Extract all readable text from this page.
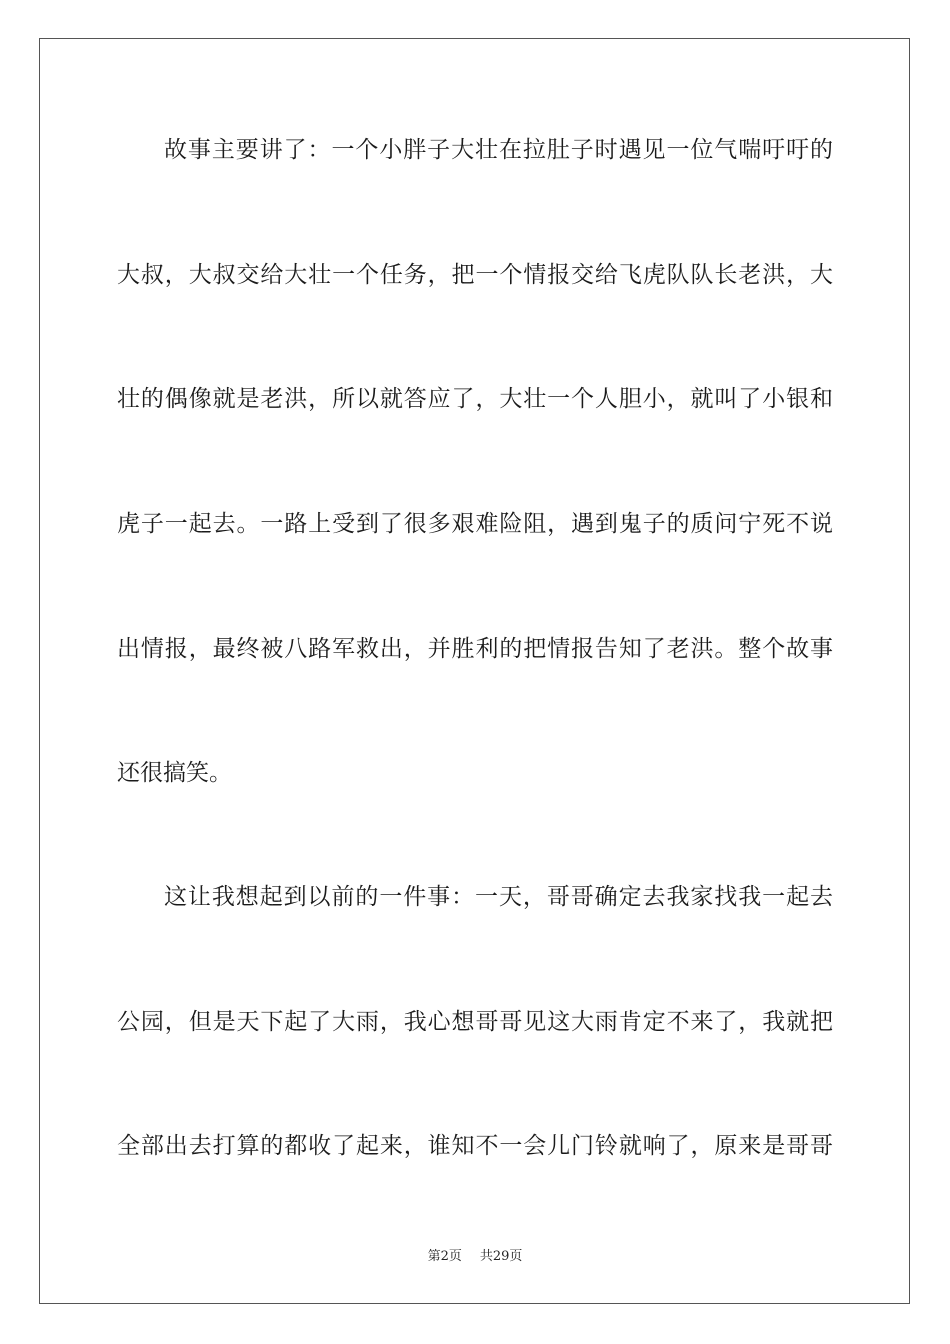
故事主要讲了：一个小胖子大壮在拉肚子时遇见一位气喘吁吁的
大叔，大叔交给大壮一个任务，把一个情报交给飞虎队队长老洪，大
壮的偶像就是老洪，所以就答应了，大壮一个人胆小，就叫了小银和
虎子一起去。一路上受到了很多艰难险阻，遇到鬼子的质问宁死不说
出情报，最终被八路军救出，并胜利的把情报告知了老洪。整个故事
还很搞笑。
这让我想起到以前的一件事：一天，哥哥确定去我家找我一起去
公园，但是天下起了大雨，我心想哥哥见这大雨肯定不来了，我就把
全部出去打算的都收了起来，谁知不一会儿门铃就响了，原来是哥哥
第2页 共29页
